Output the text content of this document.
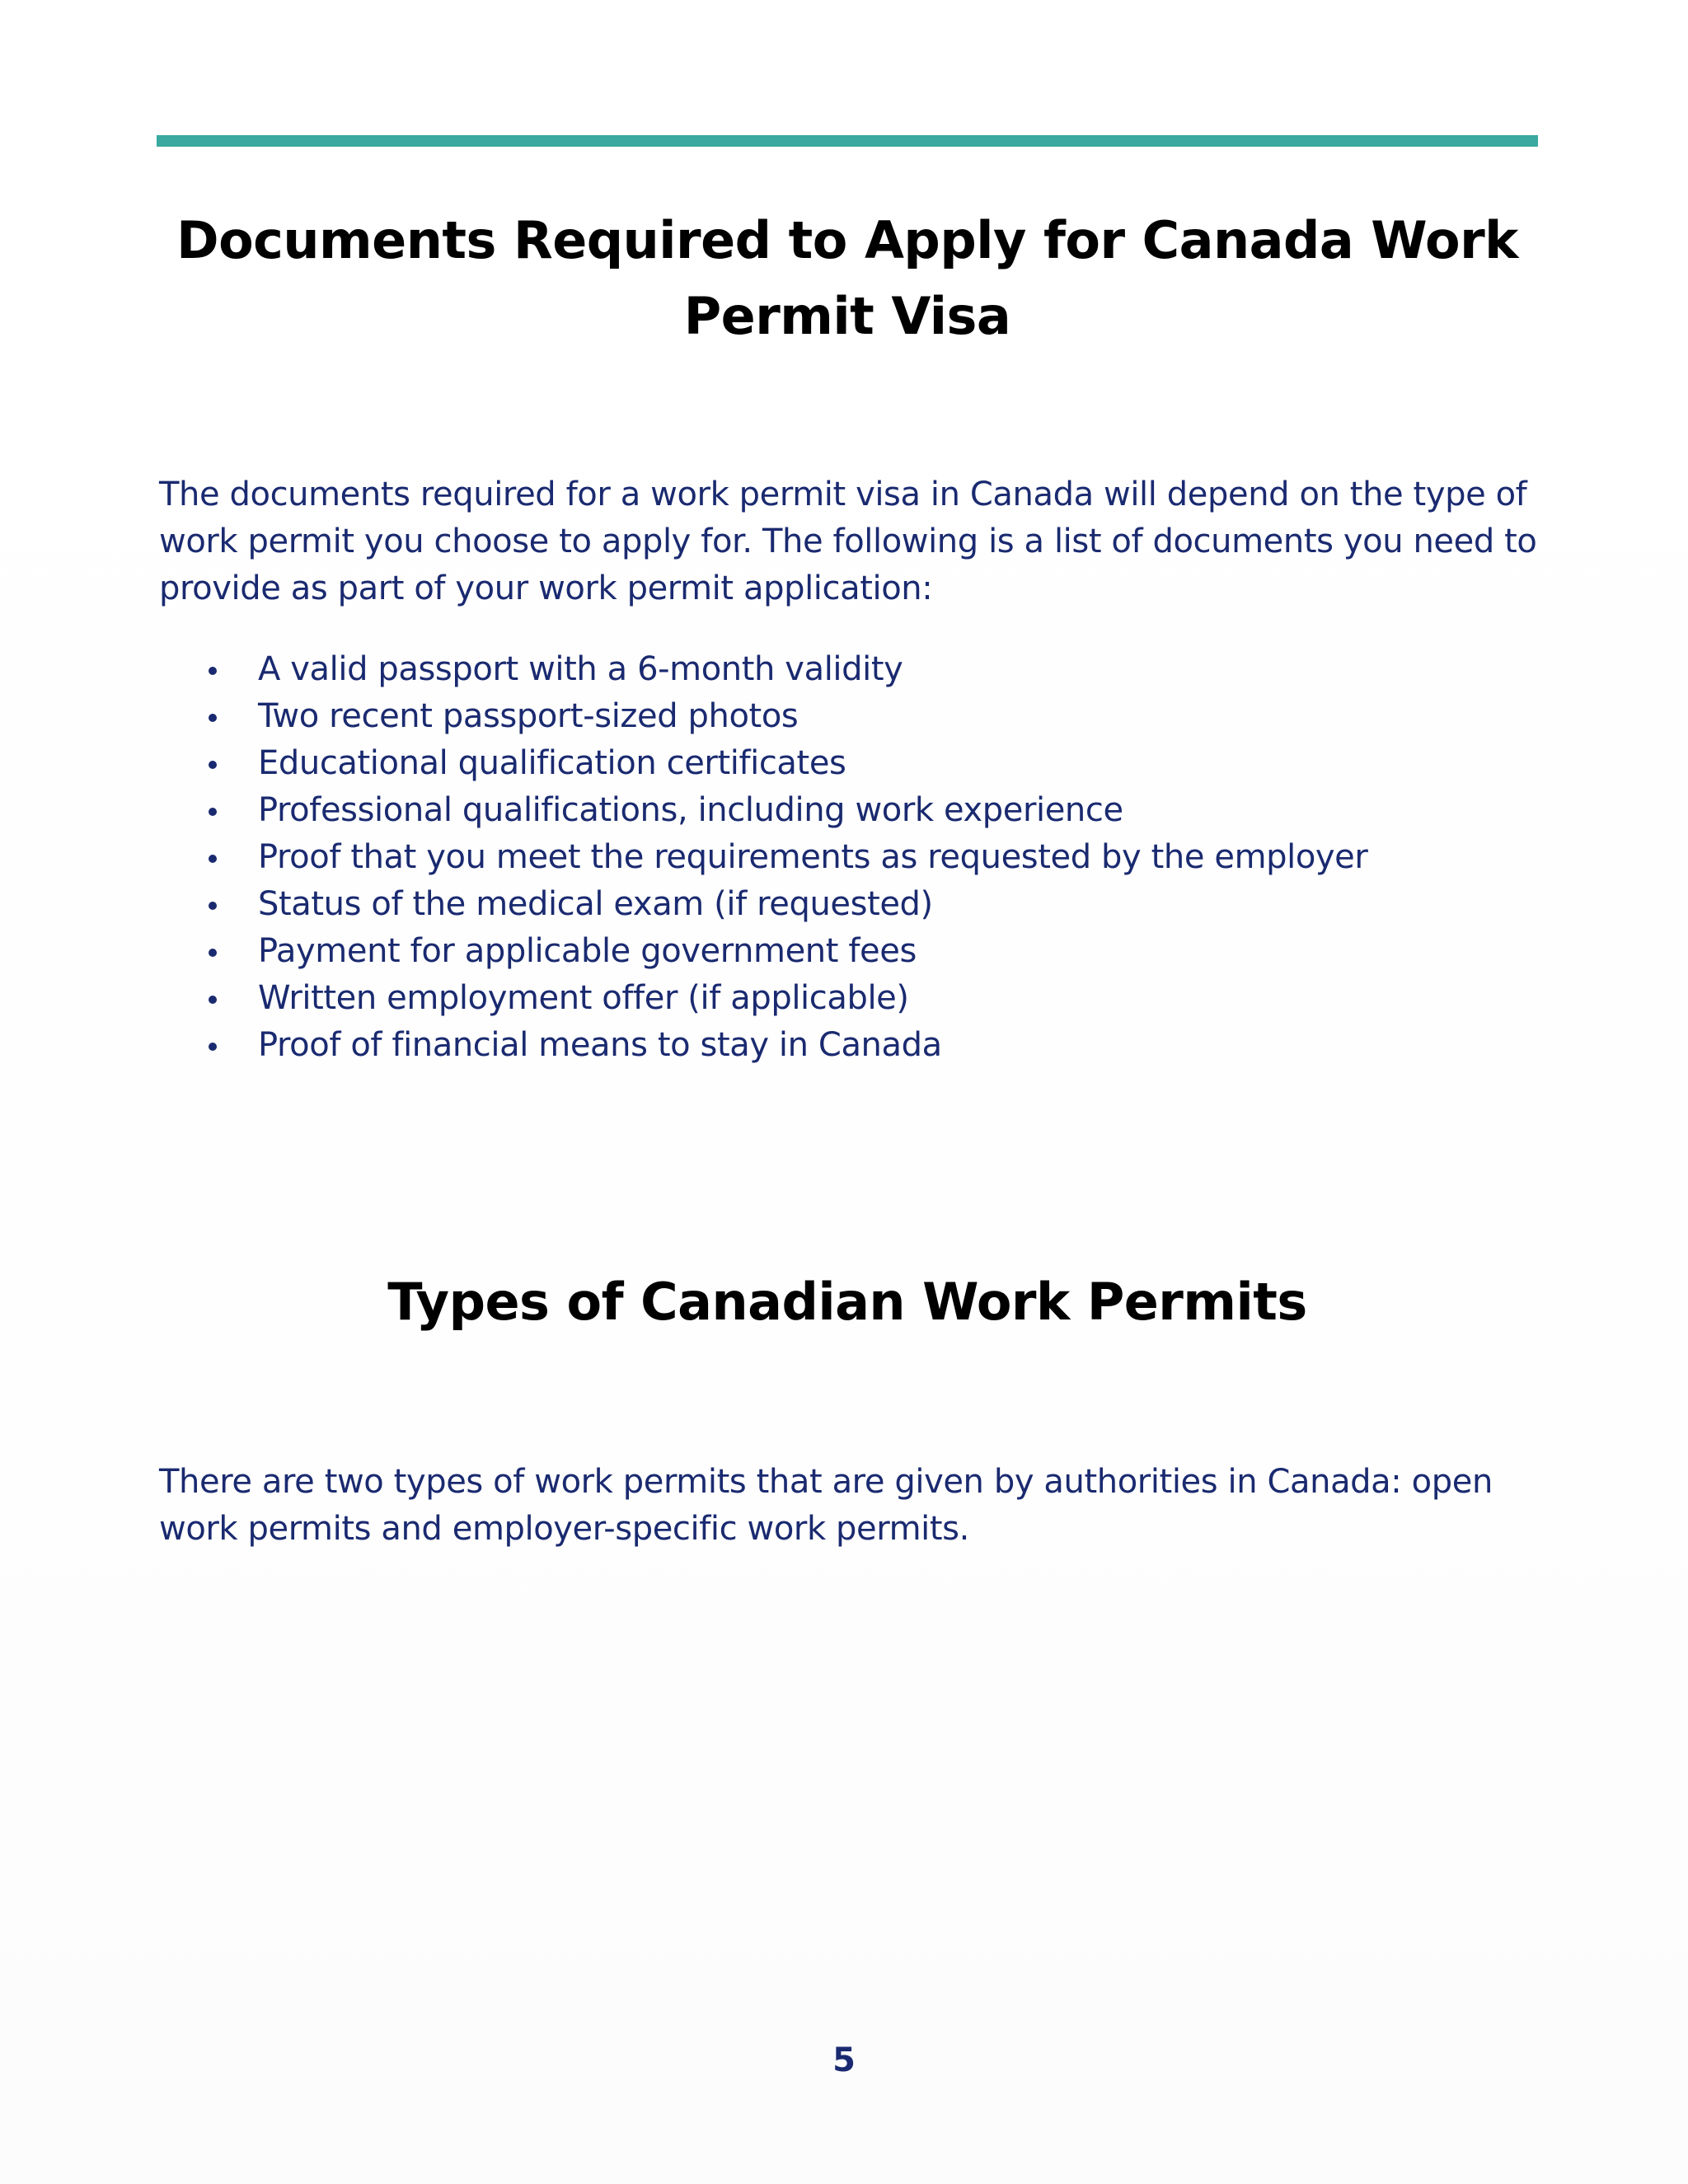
Documents Required to Apply for Canada Work
Permit Visa

The documents required for a work permit visa in Canada will depend on the type of work permit you choose to apply for. The following is a list of documents you need to provide as part of your work permit application:

A valid passport with a 6-month validity
Two recent passport-sized photos
Educational qualification certificates
Professional qualifications, including work experience
Proof that you meet the requirements as requested by the employer
Status of the medical exam (if requested)
Payment for applicable government fees
Written employment offer (if applicable)
Proof of financial means to stay in Canada
Types of Canadian Work Permits

There are two types of work permits that are given by authorities in Canada: open work permits and employer-specific work permits.

5
